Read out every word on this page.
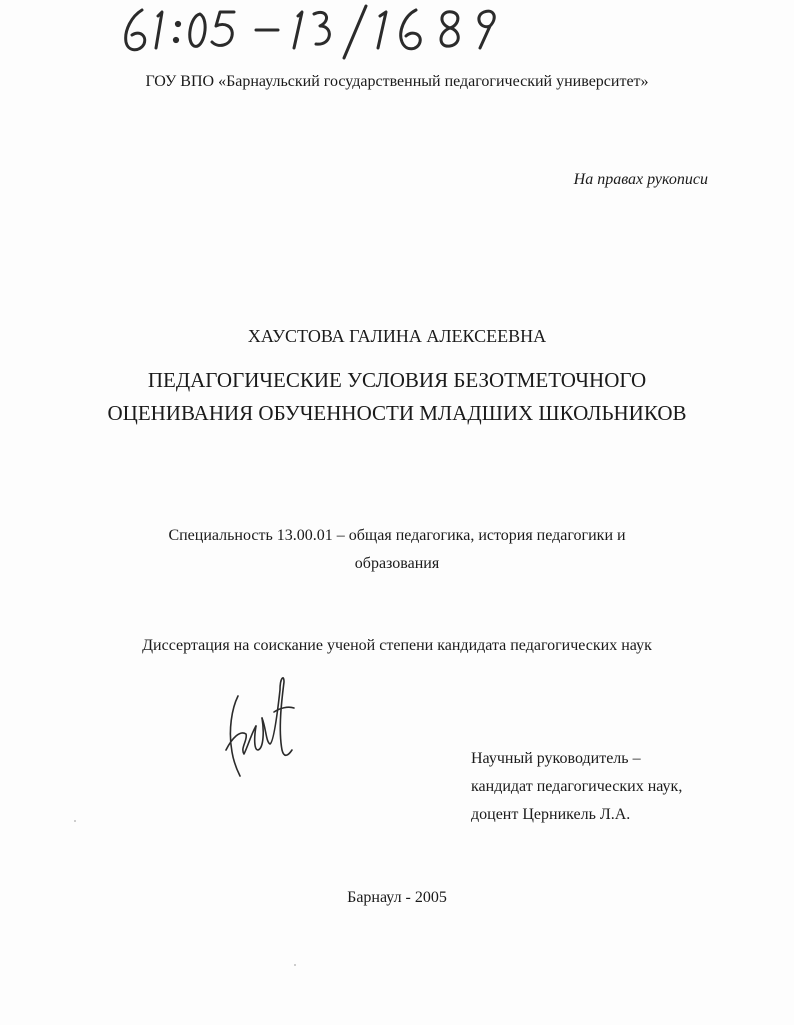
ГОУ ВПО «Барнаульский государственный педагогический университет»
На правах рукописи
ХАУСТОВА ГАЛИНА АЛЕКСЕЕВНА
ПЕДАГОГИЧЕСКИЕ УСЛОВИЯ БЕЗОТМЕТОЧНОГО
ОЦЕНИВАНИЯ ОБУЧЕННОСТИ МЛАДШИХ ШКОЛЬНИКОВ
Специальность 13.00.01 – общая педагогика, история педагогики и
образования
Диссертация на соискание ученой степени кандидата педагогических наук
Научный руководитель –
кандидат педагогических наук,
доцент Церникель Л.А.
Барнаул - 2005
